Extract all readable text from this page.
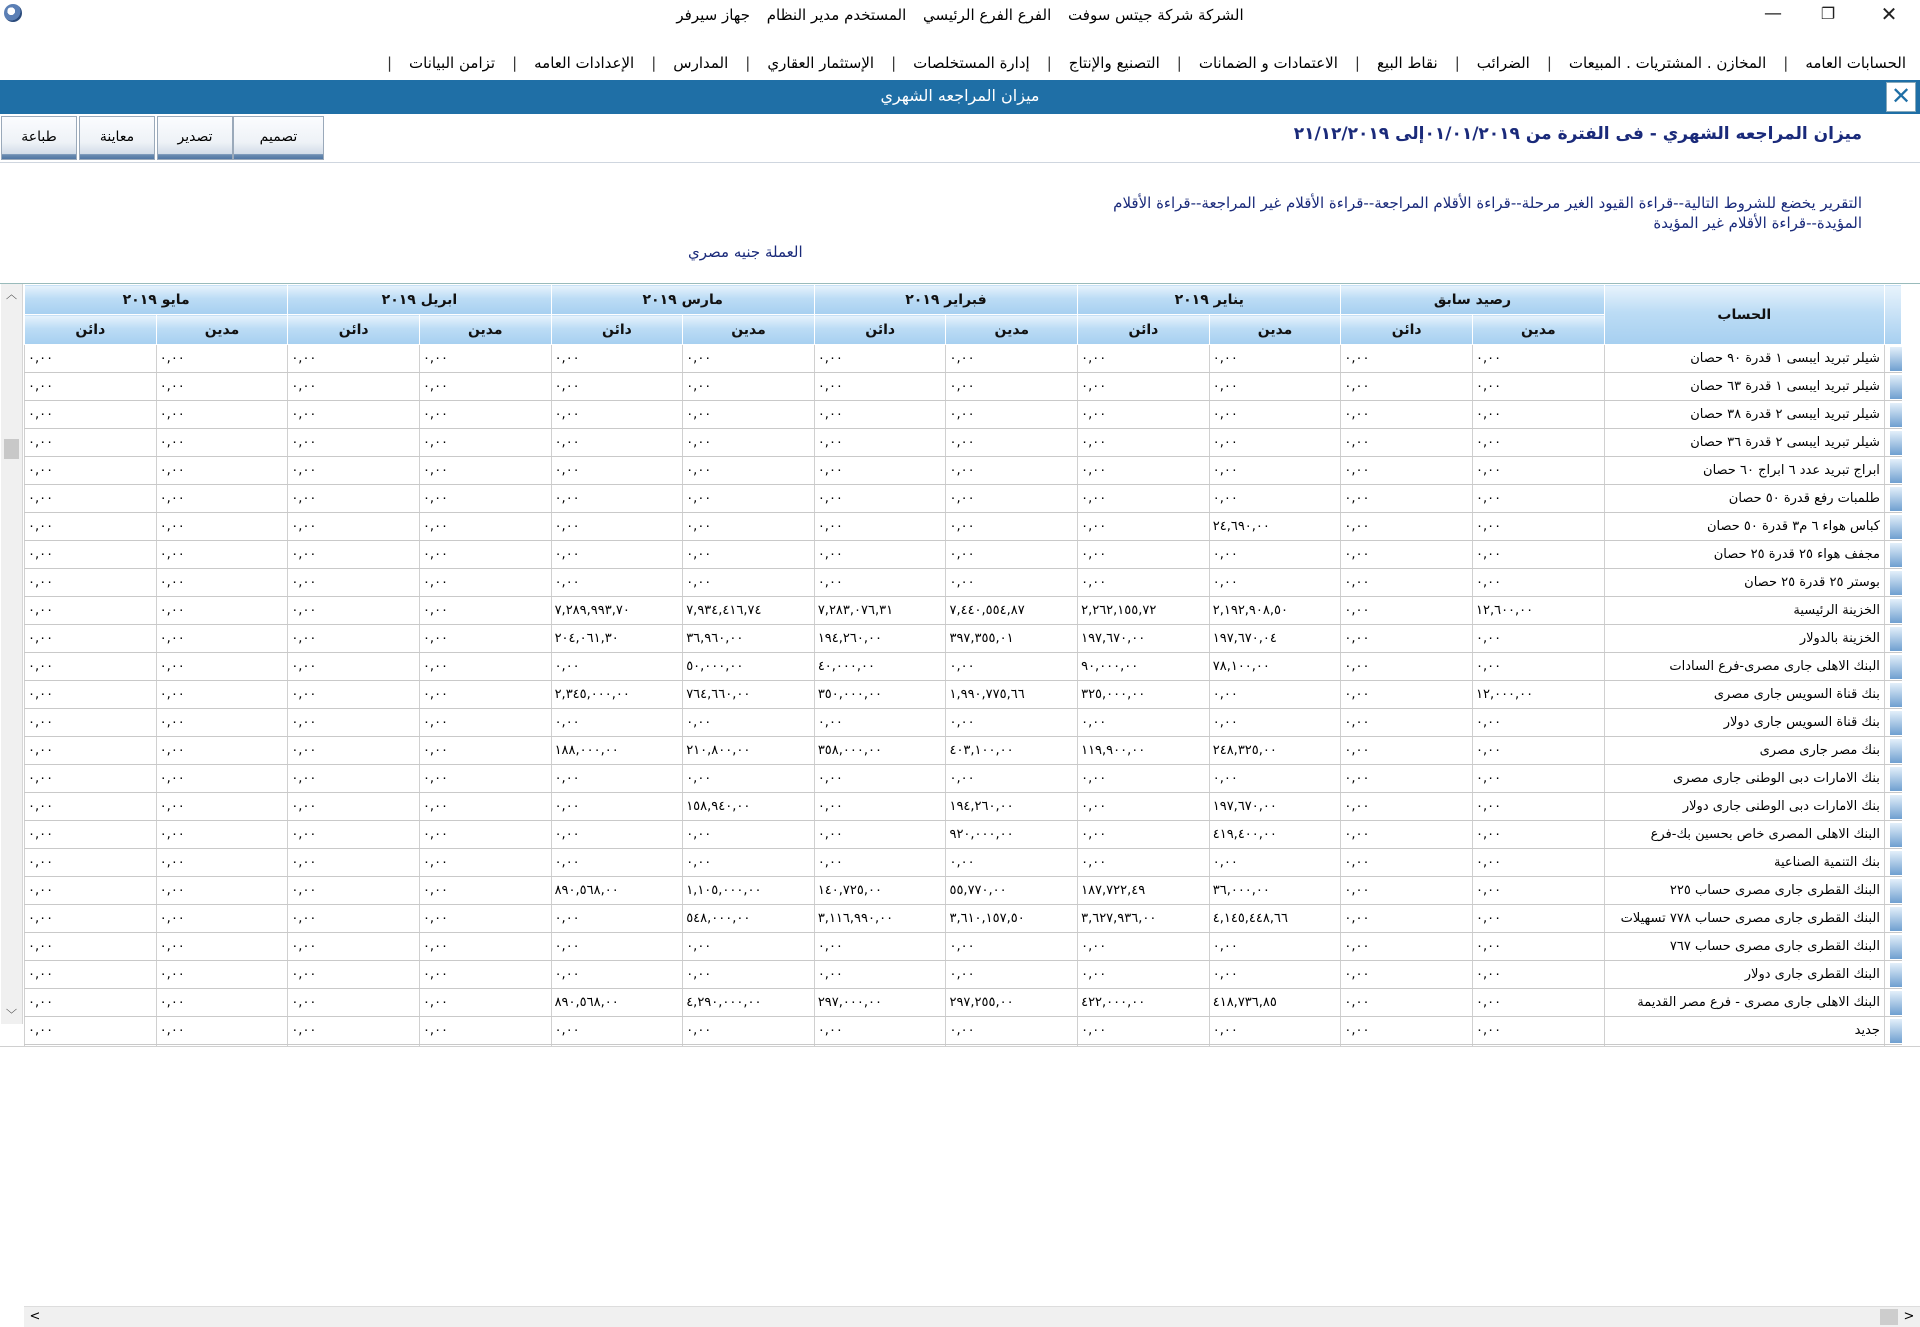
الشركة شركة جيتس سوفت الفرع الفرع الرئيسي المستخدم مدير النظام جهاز سيرفر	—	❐	✕
الحسابات العامه
|
المخازن . المشتريات . المبيعات
|
الضرائب
|
نقاط البيع
|
الاعتمادات و الضمانات
|
التصنيع والإنتاج
|
إدارة المستخلصات
|
الإستثمار العقاري
|
المدارس
|
الإعدادات العامه
|
تزامن البيانات
|
ميزان المراجعه الشهري	✕
تصميم
تصدير
معاينة
طباعة	ميزان المراجعه الشهري - فى الفترة من ٠١/٠١/٢٠١٩إلى ٢١/١٢/٢٠١٩
التقرير يخضع للشروط التالية--قراءة القيود الغير مرحلة--قراءة الأقلام المراجعة--قراءة الأقلام غير المراجعة--قراءة الأقلام المؤيدة--قراءة الأقلام غير المؤيدة
العملة جنيه مصري
︿
﹀
	الحساب	رصيد سابق		يناير ٢٠١٩		فبراير ٢٠١٩		مارس ٢٠١٩		ابريل ٢٠١٩		مايو ٢٠١٩	
		مدين	دائن	مدين	دائن	مدين	دائن	مدين	دائن	مدين	دائن	مدين	دائن

	شيلر تبريد ايبسى ١ قدرة ٩٠ حصان	٠,٠٠	٠,٠٠	٠,٠٠	٠,٠٠	٠,٠٠	٠,٠٠	٠,٠٠	٠,٠٠	٠,٠٠	٠,٠٠	٠,٠٠	٠,٠٠

	شيلر تبريد ايبسى ١ قدرة ٦٣ حصان	٠,٠٠	٠,٠٠	٠,٠٠	٠,٠٠	٠,٠٠	٠,٠٠	٠,٠٠	٠,٠٠	٠,٠٠	٠,٠٠	٠,٠٠	٠,٠٠

	شيلر تبريد ايبسى ٢ قدرة ٣٨ حصان	٠,٠٠	٠,٠٠	٠,٠٠	٠,٠٠	٠,٠٠	٠,٠٠	٠,٠٠	٠,٠٠	٠,٠٠	٠,٠٠	٠,٠٠	٠,٠٠

	شيلر تبريد ايبسى ٢ قدرة ٣٦ حصان	٠,٠٠	٠,٠٠	٠,٠٠	٠,٠٠	٠,٠٠	٠,٠٠	٠,٠٠	٠,٠٠	٠,٠٠	٠,٠٠	٠,٠٠	٠,٠٠

	ابراج تبريد عدد ٦ ابراج ٦٠ حصان	٠,٠٠	٠,٠٠	٠,٠٠	٠,٠٠	٠,٠٠	٠,٠٠	٠,٠٠	٠,٠٠	٠,٠٠	٠,٠٠	٠,٠٠	٠,٠٠

	طلمبات رفع قدرة ٥٠ حصان	٠,٠٠	٠,٠٠	٠,٠٠	٠,٠٠	٠,٠٠	٠,٠٠	٠,٠٠	٠,٠٠	٠,٠٠	٠,٠٠	٠,٠٠	٠,٠٠

	كباس هواء ٦ م٣ قدرة ٥٠ حصان	٠,٠٠	٠,٠٠	٢٤,٦٩٠,٠٠	٠,٠٠	٠,٠٠	٠,٠٠	٠,٠٠	٠,٠٠	٠,٠٠	٠,٠٠	٠,٠٠	٠,٠٠

	مجفف هواء ٢٥ قدرة ٢٥ حصان	٠,٠٠	٠,٠٠	٠,٠٠	٠,٠٠	٠,٠٠	٠,٠٠	٠,٠٠	٠,٠٠	٠,٠٠	٠,٠٠	٠,٠٠	٠,٠٠

	بوستر ٢٥ قدرة ٢٥ حصان	٠,٠٠	٠,٠٠	٠,٠٠	٠,٠٠	٠,٠٠	٠,٠٠	٠,٠٠	٠,٠٠	٠,٠٠	٠,٠٠	٠,٠٠	٠,٠٠

	الخزينة الرئيسية	١٢,٦٠٠,٠٠	٠,٠٠	٢,١٩٢,٩٠٨,٥٠	٢,٢٦٢,١٥٥,٧٢	٧,٤٤٠,٥٥٤,٨٧	٧,٢٨٣,٠٧٦,٣١	٧,٩٣٤,٤١٦,٧٤	٧,٢٨٩,٩٩٣,٧٠	٠,٠٠	٠,٠٠	٠,٠٠	٠,٠٠

	الخزينة بالدولار	٠,٠٠	٠,٠٠	١٩٧,٦٧٠,٠٤	١٩٧,٦٧٠,٠٠	٣٩٧,٣٥٥,٠١	١٩٤,٢٦٠,٠٠	٣٦,٩٦٠,٠٠	٢٠٤,٠٦١,٣٠	٠,٠٠	٠,٠٠	٠,٠٠	٠,٠٠

	البنك الاهلى جارى مصرى-فرع السادات	٠,٠٠	٠,٠٠	٧٨,١٠٠,٠٠	٩٠,٠٠٠,٠٠	٠,٠٠	٤٠,٠٠٠,٠٠	٥٠,٠٠٠,٠٠	٠,٠٠	٠,٠٠	٠,٠٠	٠,٠٠	٠,٠٠

	بنك قناة السويس جارى مصرى	١٢,٠٠٠,٠٠	٠,٠٠	٠,٠٠	٣٢٥,٠٠٠,٠٠	١,٩٩٠,٧٧٥,٦٦	٣٥٠,٠٠٠,٠٠	٧٦٤,٦٦٠,٠٠	٢,٣٤٥,٠٠٠,٠٠	٠,٠٠	٠,٠٠	٠,٠٠	٠,٠٠

	بنك قناة السويس جارى دولار	٠,٠٠	٠,٠٠	٠,٠٠	٠,٠٠	٠,٠٠	٠,٠٠	٠,٠٠	٠,٠٠	٠,٠٠	٠,٠٠	٠,٠٠	٠,٠٠

	بنك مصر جارى مصرى	٠,٠٠	٠,٠٠	٢٤٨,٣٢٥,٠٠	١١٩,٩٠٠,٠٠	٤٠٣,١٠٠,٠٠	٣٥٨,٠٠٠,٠٠	٢١٠,٨٠٠,٠٠	١٨٨,٠٠٠,٠٠	٠,٠٠	٠,٠٠	٠,٠٠	٠,٠٠

	بنك الامارات دبى الوطنى جارى مصرى	٠,٠٠	٠,٠٠	٠,٠٠	٠,٠٠	٠,٠٠	٠,٠٠	٠,٠٠	٠,٠٠	٠,٠٠	٠,٠٠	٠,٠٠	٠,٠٠

	بنك الامارات دبى الوطنى جارى دولار	٠,٠٠	٠,٠٠	١٩٧,٦٧٠,٠٠	٠,٠٠	١٩٤,٢٦٠,٠٠	٠,٠٠	١٥٨,٩٤٠,٠٠	٠,٠٠	٠,٠٠	٠,٠٠	٠,٠٠	٠,٠٠

	البنك الاهلى المصرى خاص بحسين بك-فرع	٠,٠٠	٠,٠٠	٤١٩,٤٠٠,٠٠	٠,٠٠	٩٢٠,٠٠٠,٠٠	٠,٠٠	٠,٠٠	٠,٠٠	٠,٠٠	٠,٠٠	٠,٠٠	٠,٠٠

	بنك التنمية الصناعية	٠,٠٠	٠,٠٠	٠,٠٠	٠,٠٠	٠,٠٠	٠,٠٠	٠,٠٠	٠,٠٠	٠,٠٠	٠,٠٠	٠,٠٠	٠,٠٠

	البنك القطرى جارى مصرى حساب ٢٢٥	٠,٠٠	٠,٠٠	٣٦,٠٠٠,٠٠	١٨٧,٧٢٢,٤٩	٥٥,٧٧٠,٠٠	١٤٠,٧٢٥,٠٠	١,١٠٥,٠٠٠,٠٠	٨٩٠,٥٦٨,٠٠	٠,٠٠	٠,٠٠	٠,٠٠	٠,٠٠

	البنك القطرى جارى مصرى حساب ٧٧٨ تسهيلات	٠,٠٠	٠,٠٠	٤,١٤٥,٤٤٨,٦٦	٣,٦٢٧,٩٣٦,٠٠	٣,٦١٠,١٥٧,٥٠	٣,١١٦,٩٩٠,٠٠	٥٤٨,٠٠٠,٠٠	٠,٠٠	٠,٠٠	٠,٠٠	٠,٠٠	٠,٠٠

	البنك القطرى جارى مصرى حساب ٧٦٧	٠,٠٠	٠,٠٠	٠,٠٠	٠,٠٠	٠,٠٠	٠,٠٠	٠,٠٠	٠,٠٠	٠,٠٠	٠,٠٠	٠,٠٠	٠,٠٠

	البنك القطرى جارى دولار	٠,٠٠	٠,٠٠	٠,٠٠	٠,٠٠	٠,٠٠	٠,٠٠	٠,٠٠	٠,٠٠	٠,٠٠	٠,٠٠	٠,٠٠	٠,٠٠

	البنك الاهلى جارى مصرى - فرع مصر القديمة	٠,٠٠	٠,٠٠	٤١٨,٧٣٦,٨٥	٤٢٢,٠٠٠,٠٠	٢٩٧,٢٥٥,٠٠	٢٩٧,٠٠٠,٠٠	٤,٢٩٠,٠٠٠,٠٠	٨٩٠,٥٦٨,٠٠	٠,٠٠	٠,٠٠	٠,٠٠	٠,٠٠

	جديد	٠,٠٠	٠,٠٠	٠,٠٠	٠,٠٠	٠,٠٠	٠,٠٠	٠,٠٠	٠,٠٠	٠,٠٠	٠,٠٠	٠,٠٠	٠,٠٠

<	>
